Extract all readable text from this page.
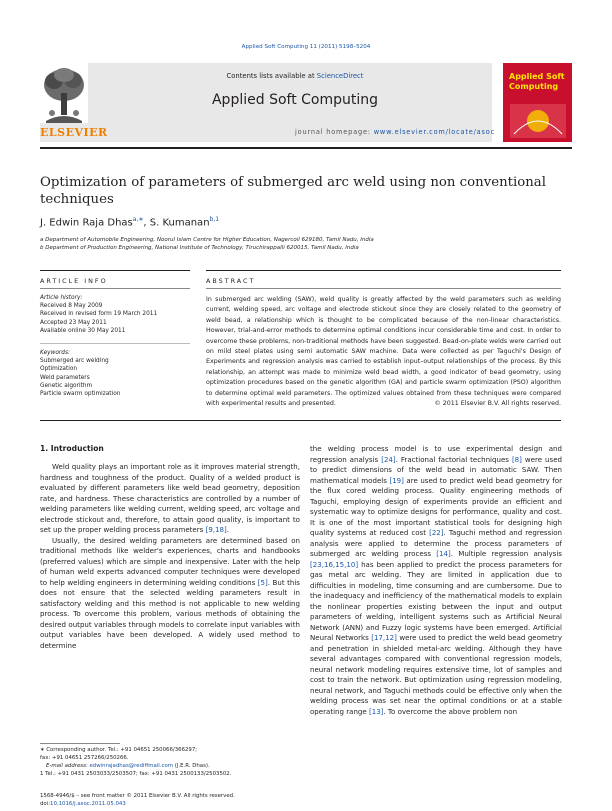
Applied Soft Computing 11 (2011) 5198–5204
ELSEVIER
Contents lists available at ScienceDirect
Applied Soft Computing
journal homepage: www.elsevier.com/locate/asoc
Applied Soft Computing
Optimization of parameters of submerged arc weld using non conventional techniques
J. Edwin Raja Dhas$^{a,∗}$, S. Kumanan$^{b,1}$
a Department of Automobile Engineering, Noorul Islam Centre for Higher Education, Nagercoil 629180, Tamil Nadu, India
b Department of Production Engineering, National Institute of Technology, Tiruchirappalli 620015, Tamil Nadu, India
ARTICLE INFO	ABSTRACT
Article history:
Received 8 May 2009
Received in revised form 19 March 2011
Accepted 23 May 2011
Available online 30 May 2011
Keywords:
Submerged arc welding
Optimization
Weld parameters
Genetic algorithm
Particle swarm optimization
In submerged arc welding (SAW), weld quality is greatly affected by the weld parameters such as welding current, welding speed, arc voltage and electrode stickout since they are closely related to the geometry of weld bead, a relationship which is thought to be complicated because of the non-linear characteristics. However, trial-and-error methods to determine optimal conditions incur considerable time and cost. In order to overcome these problems, non-traditional methods have been suggested. Bead-on-plate welds were carried out on mild steel plates using semi automatic SAW machine. Data were collected as per Taguchi's Design of Experiments and regression analysis was carried to establish input–output relationships of the process. By this relationship, an attempt was made to minimize weld bead width, a good indicator of bead geometry, using optimization procedures based on the genetic algorithm (GA) and particle swarm optimization (PSO) algorithm to determine optimal weld parameters. The optimized values obtained from these techniques were compared with experimental results and presented.	© 2011 Elsevier B.V. All rights reserved.
1. Introduction

Weld quality plays an important role as it improves material strength, hardness and toughness of the product. Quality of a welded product is evaluated by different parameters like weld bead geometry, deposition rate, and hardness. These characteristics are controlled by a number of welding parameters like welding current, welding speed, arc voltage and electrode stickout and, therefore, to attain good quality, is important to set up the proper welding process parameters [9,18].

Usually, the desired welding parameters are determined based on traditional methods like welder's experiences, charts and handbooks (preferred values) which are simple and inexpensive. Later with the help of human weld experts advanced computer techniques were developed to help welding engineers in determining welding conditions [5]. But this does not ensure that the selected welding parameters result in satisfactory welding and this method is not applicable to new welding process. To overcome this problem, various methods of obtaining the desired output variables through models to correlate input variables with output variables have been developed. A widely used method to determine

the welding process model is to use experimental design and regression analysis [24]. Fractional factorial techniques [8] were used to predict dimensions of the weld bead in automatic SAW. Then mathematical models [19] are used to predict weld bead geometry for the flux cored welding process. Quality engineering methods of Taguchi, employing design of experiments provide an efficient and systematic way to optimize designs for performance, quality and cost. It is one of the most important statistical tools for designing high quality systems at reduced cost [22]. Taguchi method and regression analysis were applied to determine the process parameters of submerged arc welding process [14]. Multiple regression analysis [23,16,15,10] has been applied to predict the process parameters for gas metal arc welding. They are limited in application due to difficulties in modeling, time consuming and are cumbersome. Due to the inadequacy and inefficiency of the mathematical models to explain the nonlinear properties existing between the input and output parameters of welding, intelligent systems such as Artificial Neural Network (ANN) and Fuzzy logic systems have been emerged. Artificial Neural Networks [17,12] were used to predict the weld bead geometry and penetration in shielded metal-arc welding. Although they have several advantages compared with conventional regression models, neural network modeling requires extensive time, lot of samples and cost to train the network. But optimization using regression modeling, neural network, and Taguchi methods could be effective only when the welding process was set near the optimal conditions or at a stable operating range [13]. To overcome the above problem non

∗ Corresponding author. Tel.: +91 04651 250066/366297;
fax: +91 04651 257266/250266.
E-mail address: edwinrajadhas@rediffmail.com (J.E.R. Dhas).
1 Tel.: +91 0431 2503033/2503507; fax: +91 0431 2500133/2503502.
1568-4946/$ – see front matter © 2011 Elsevier B.V. All rights reserved.
doi:10.1016/j.asoc.2011.05.043
